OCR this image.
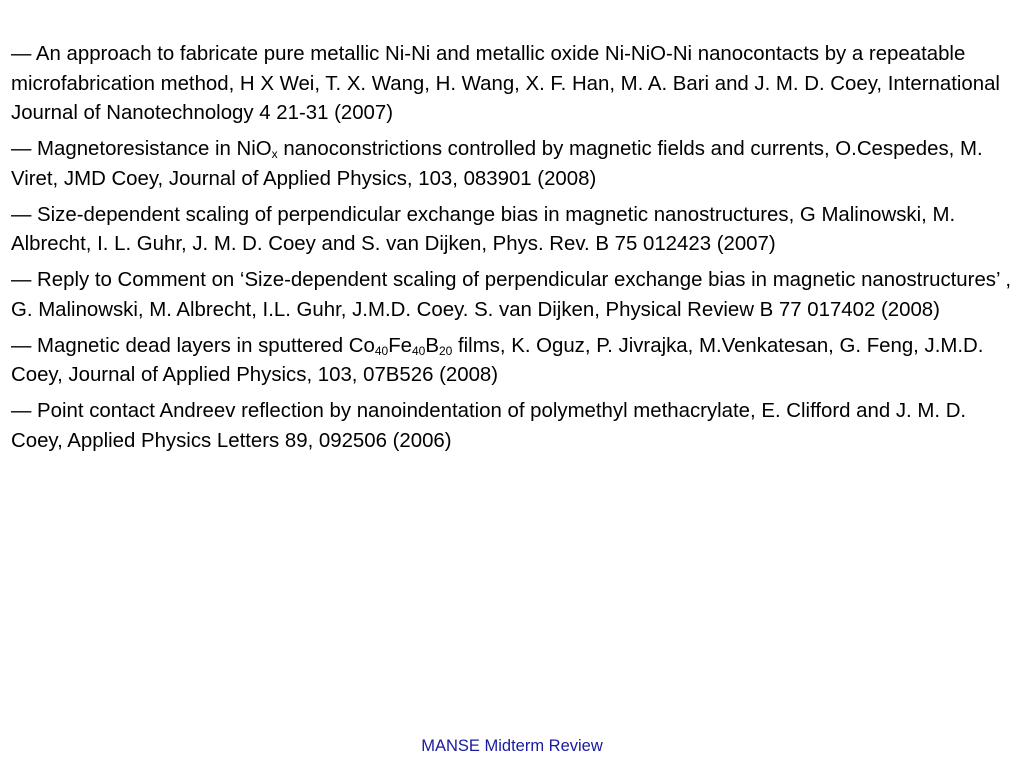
— An approach to fabricate pure metallic Ni-Ni and metallic oxide Ni-NiO-Ni nanocontacts by a repeatable microfabrication method, H X Wei, T. X. Wang, H. Wang, X. F. Han, M. A. Bari and J. M. D. Coey, International Journal of Nanotechnology 4 21-31 (2007)
— Magnetoresistance in NiO$_x$ nanoconstrictions controlled by magnetic fields and currents, O.Cespedes, M. Viret, JMD Coey, Journal of Applied Physics, 103, 083901 (2008)
— Size-dependent scaling of perpendicular exchange bias in magnetic nanostructures, G Malinowski, M. Albrecht, I. L. Guhr, J. M. D. Coey and S. van Dijken, Phys. Rev. B 75 012423 (2007)
— Reply to Comment on ‘Size-dependent scaling of perpendicular exchange bias in magnetic nanostructures’ , G. Malinowski, M. Albrecht, I.L. Guhr, J.M.D. Coey. S. van Dijken, Physical Review B 77 017402 (2008)
— Magnetic dead layers in sputtered $Co_{40}Fe_{40}B_{20}$ films, K. Oguz, P. Jivrajka, M.Venkatesan, G. Feng, J.M.D. Coey, Journal of Applied Physics, 103, 07B526 (2008)
— Point contact Andreev reflection by nanoindentation of polymethyl methacrylate, E. Clifford and J. M. D. Coey, Applied Physics Letters 89, 092506 (2006)
MANSE Midterm Review
